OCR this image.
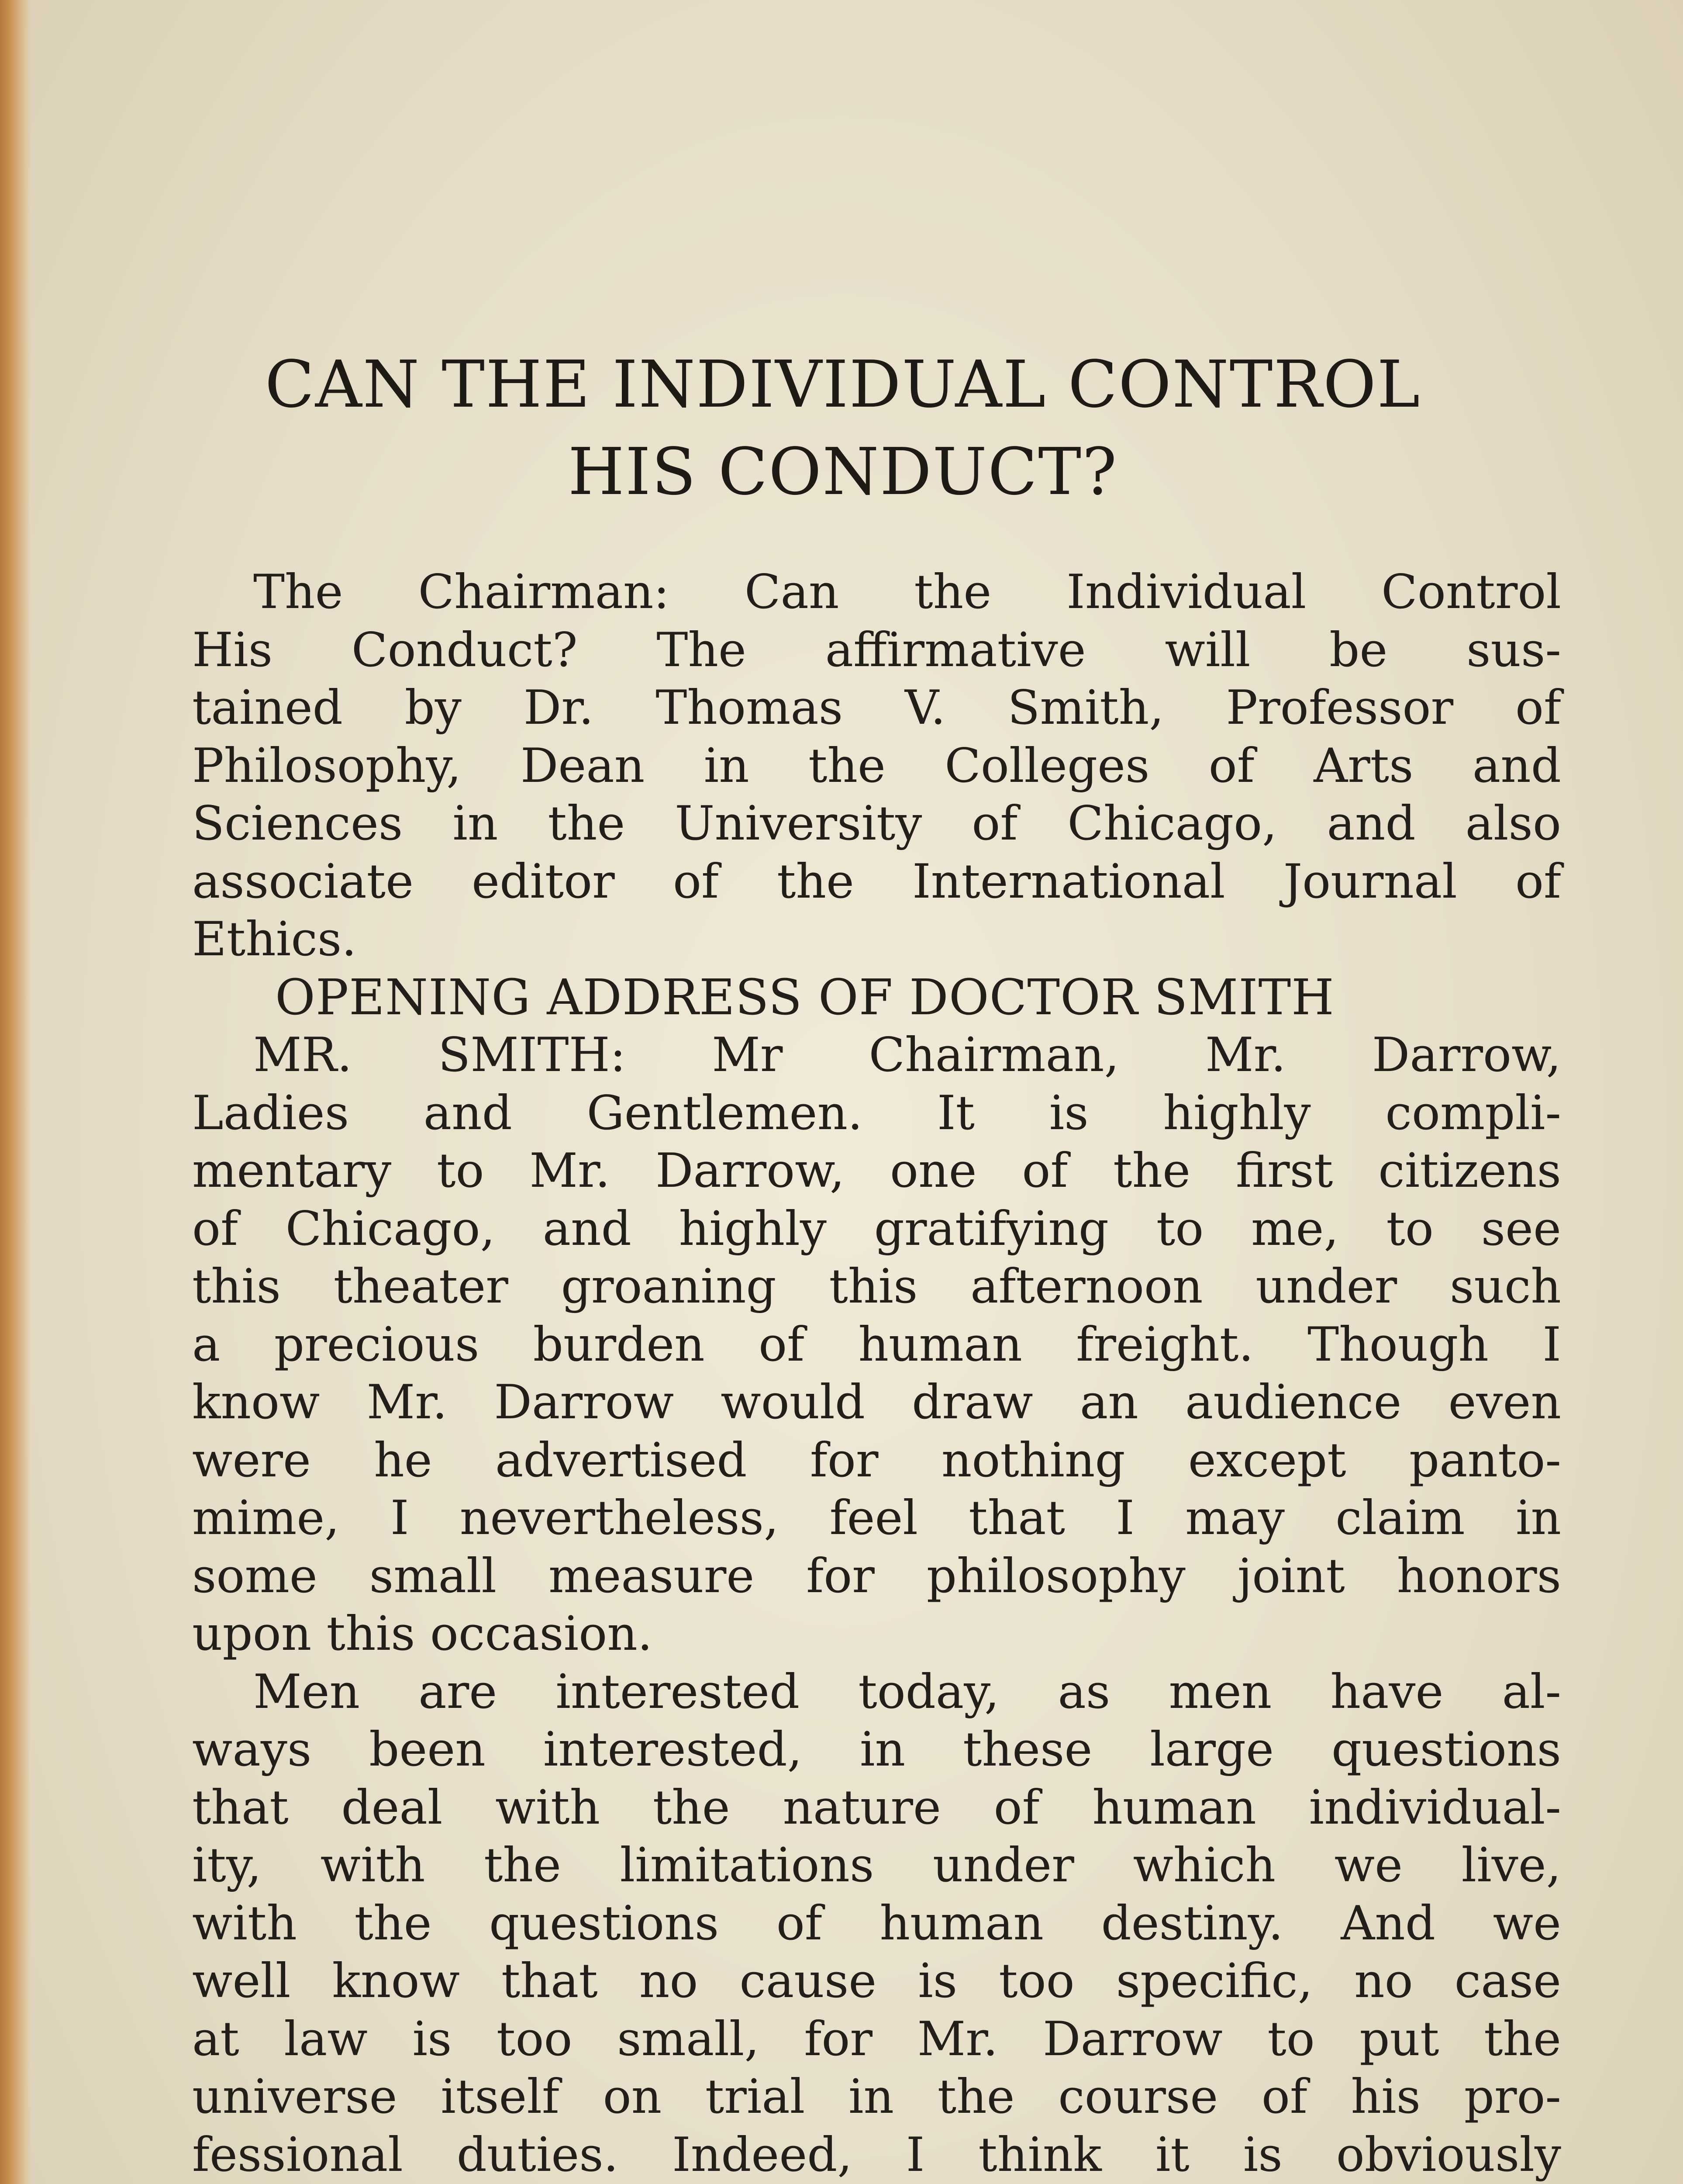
CAN THE INDIVIDUAL CONTROL
HIS CONDUCT?

The Chairman: Can the Individual Control
His Conduct? The affirmative will be sus-
tained by Dr. Thomas V. Smith, Professor of
Philosophy, Dean in the Colleges of Arts and
Sciences in the University of Chicago, and also
associate editor of the International Journal of
Ethics.

OPENING ADDRESS OF DOCTOR SMITH

MR. SMITH: Mr Chairman, Mr. Darrow,
Ladies and Gentlemen. It is highly compli-
mentary to Mr. Darrow, one of the first citizens
of Chicago, and highly gratifying to me, to see
this theater groaning this afternoon under such
a precious burden of human freight. Though I
know Mr. Darrow would draw an audience even
were he advertised for nothing except panto-
mime, I nevertheless, feel that I may claim in
some small measure for philosophy joint honors
upon this occasion.

Men are interested today, as men have al-
ways been interested, in these large questions
that deal with the nature of human individual-
ity, with the limitations under which we live,
with the questions of human destiny. And we
well know that no cause is too specific, no case
at law is too small, for Mr. Darrow to put the
universe itself on trial in the course of his pro-
fessional duties. Indeed, I think it is obviously
